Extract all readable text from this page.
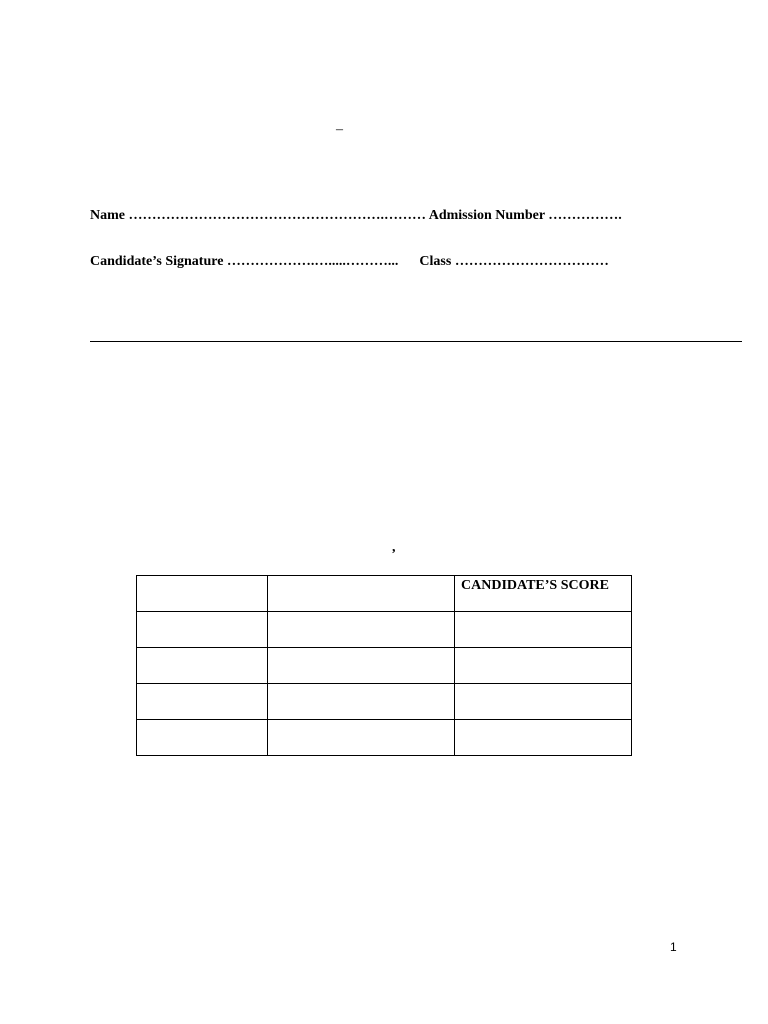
–
Name ……………………………………………….……… Admission Number …………….
Candidate’s Signature ……………….….....………... Class ……………………………
,

		CANDIDATE’S SCORE

1
